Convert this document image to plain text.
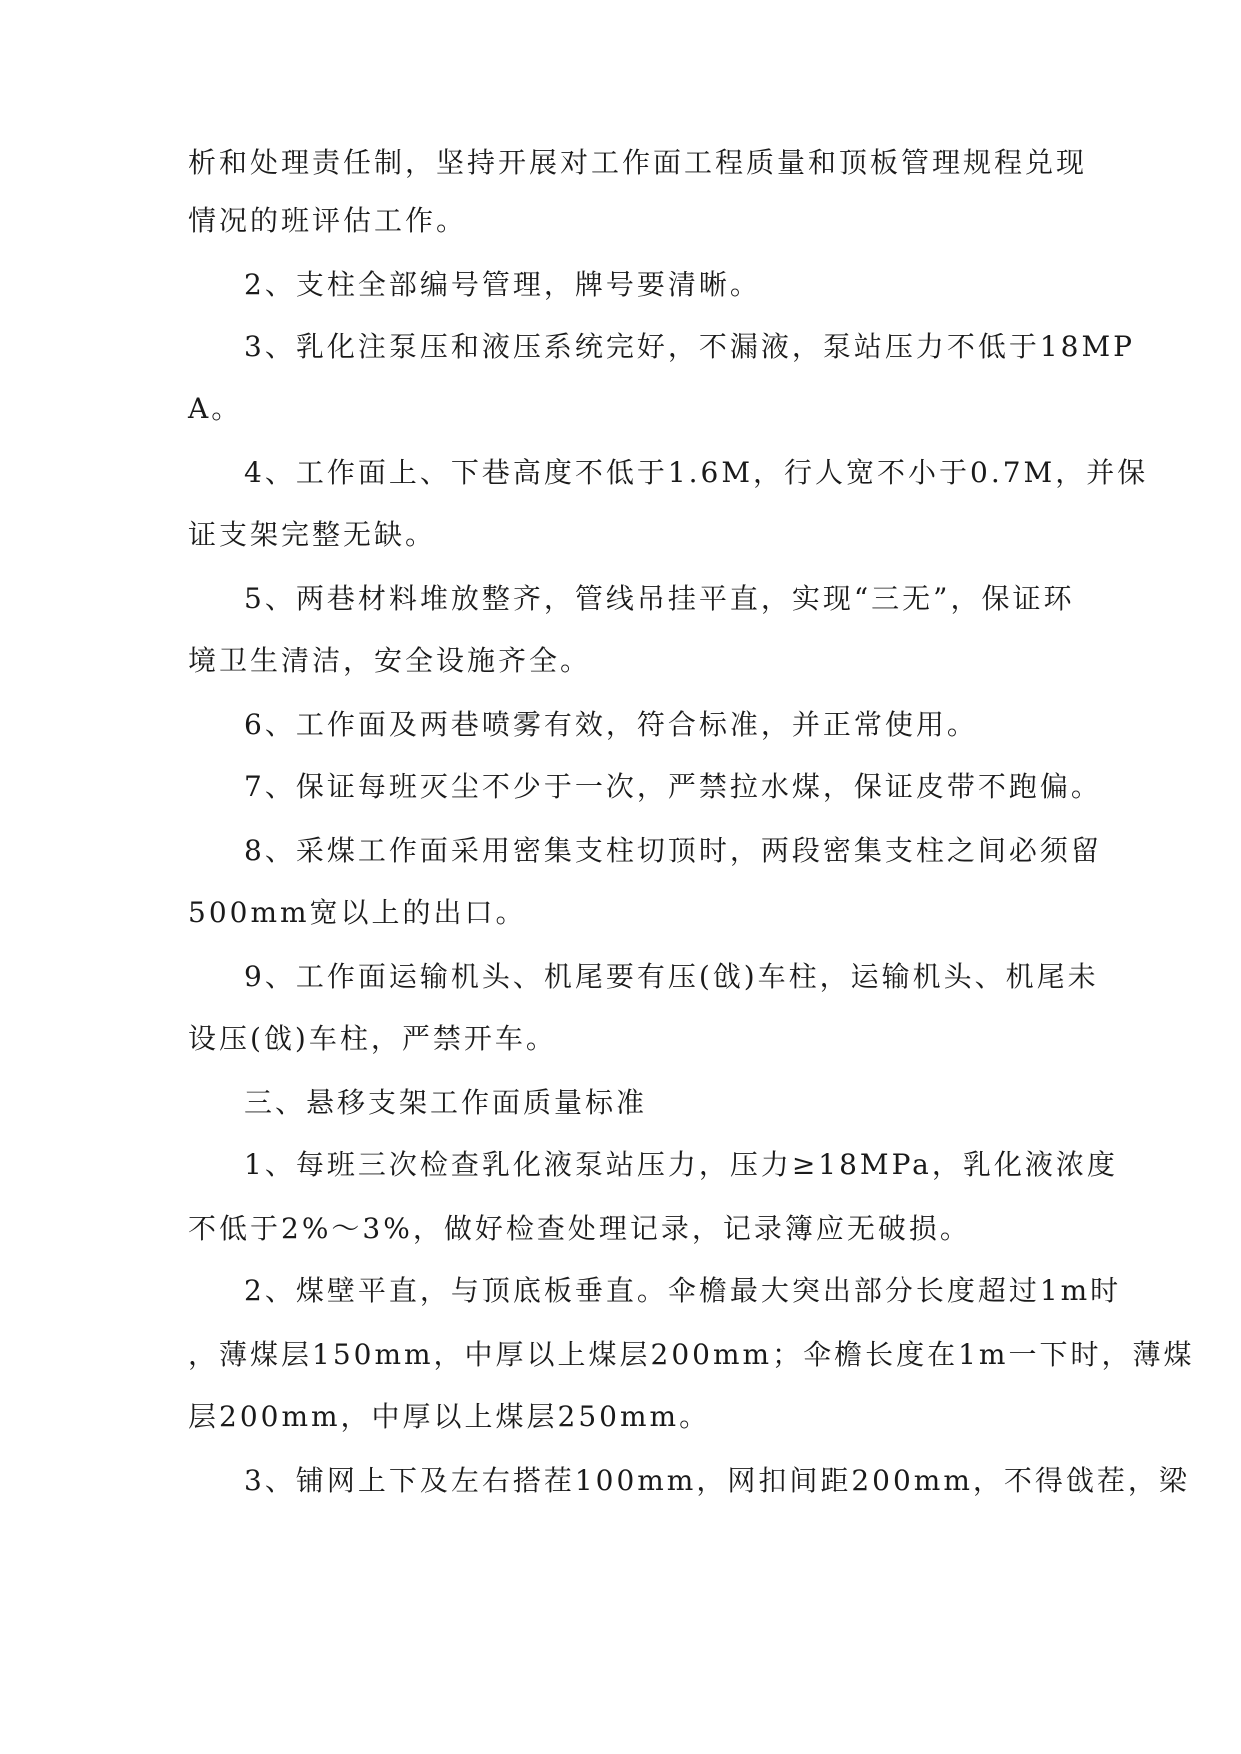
析和处理责任制，坚持开展对工作面工程质量和顶板管理规程兑现
情况的班评估工作。
2、支柱全部编号管理，牌号要清晰。
3、乳化注泵压和液压系统完好，不漏液，泵站压力不低于18MP
A。
4、工作面上、下巷高度不低于1.6M，行人宽不小于0.7M，并保
证支架完整无缺。
5、两巷材料堆放整齐，管线吊挂平直，实现“三无”，保证环
境卫生清洁，安全设施齐全。
6、工作面及两巷喷雾有效，符合标准，并正常使用。
7、保证每班灭尘不少于一次，严禁拉水煤，保证皮带不跑偏。
8、采煤工作面采用密集支柱切顶时，两段密集支柱之间必须留
500mm宽以上的出口。
9、工作面运输机头、机尾要有压(戗)车柱，运输机头、机尾未
设压(戗)车柱，严禁开车。
三、悬移支架工作面质量标准
1、每班三次检查乳化液泵站压力，压力≥18MPa，乳化液浓度
不低于2%～3%，做好检查处理记录，记录簿应无破损。
2、煤壁平直，与顶底板垂直。伞檐最大突出部分长度超过1m时
，薄煤层150mm，中厚以上煤层200mm；伞檐长度在1m一下时，薄煤
层200mm，中厚以上煤层250mm。
3、铺网上下及左右搭茬100mm，网扣间距200mm，不得戗茬，梁
